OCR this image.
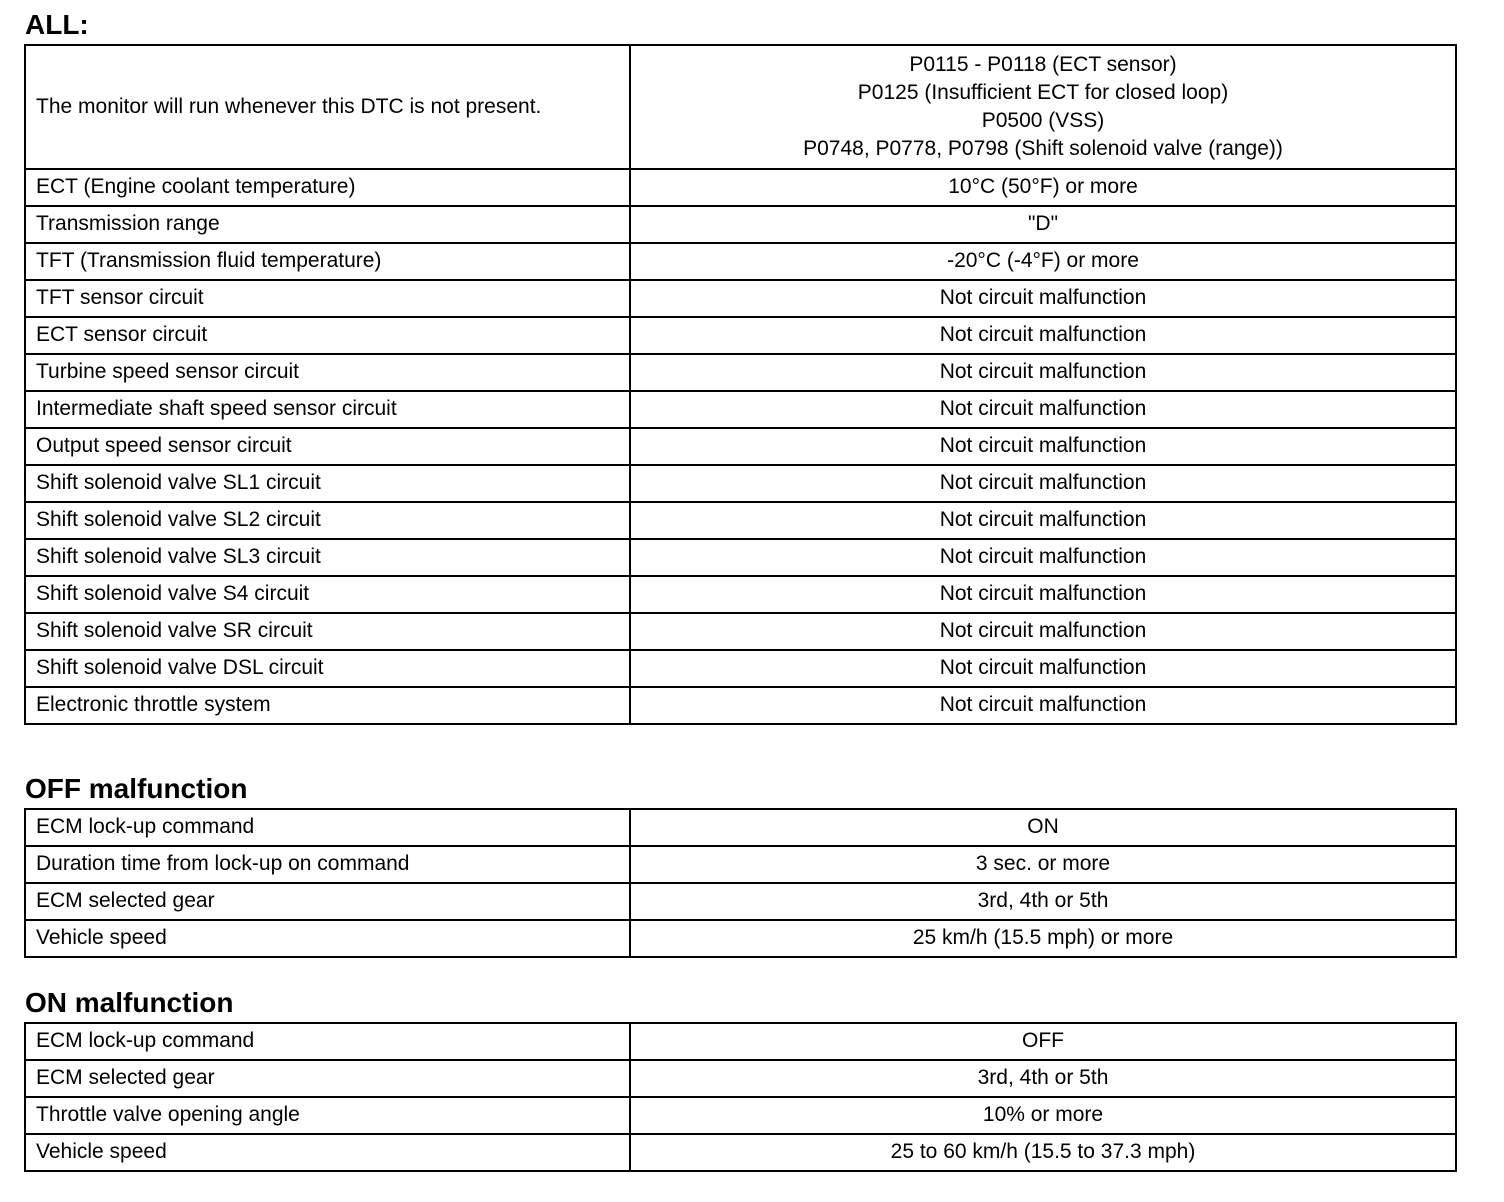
ALL:
The monitor will run whenever this DTC is not present.	P0115 - P0118 (ECT sensor)
P0125 (Insufficient ECT for closed loop)
P0500 (VSS)
P0748, P0778, P0798 (Shift solenoid valve (range))

ECT (Engine coolant temperature)	10°C (50°F) or more
Transmission range	"D"
TFT (Transmission fluid temperature)	-20°C (-4°F) or more
TFT sensor circuit	Not circuit malfunction
ECT sensor circuit	Not circuit malfunction
Turbine speed sensor circuit	Not circuit malfunction
Intermediate shaft speed sensor circuit	Not circuit malfunction
Output speed sensor circuit	Not circuit malfunction
Shift solenoid valve SL1 circuit	Not circuit malfunction
Shift solenoid valve SL2 circuit	Not circuit malfunction
Shift solenoid valve SL3 circuit	Not circuit malfunction
Shift solenoid valve S4 circuit	Not circuit malfunction
Shift solenoid valve SR circuit	Not circuit malfunction
Shift solenoid valve DSL circuit	Not circuit malfunction
Electronic throttle system	Not circuit malfunction
OFF malfunction
ECM lock-up command	ON
Duration time from lock-up on command	3 sec. or more
ECM selected gear	3rd, 4th or 5th
Vehicle speed	25 km/h (15.5 mph) or more
ON malfunction
ECM lock-up command	OFF
ECM selected gear	3rd, 4th or 5th
Throttle valve opening angle	10% or more
Vehicle speed	25 to 60 km/h (15.5 to 37.3 mph)
